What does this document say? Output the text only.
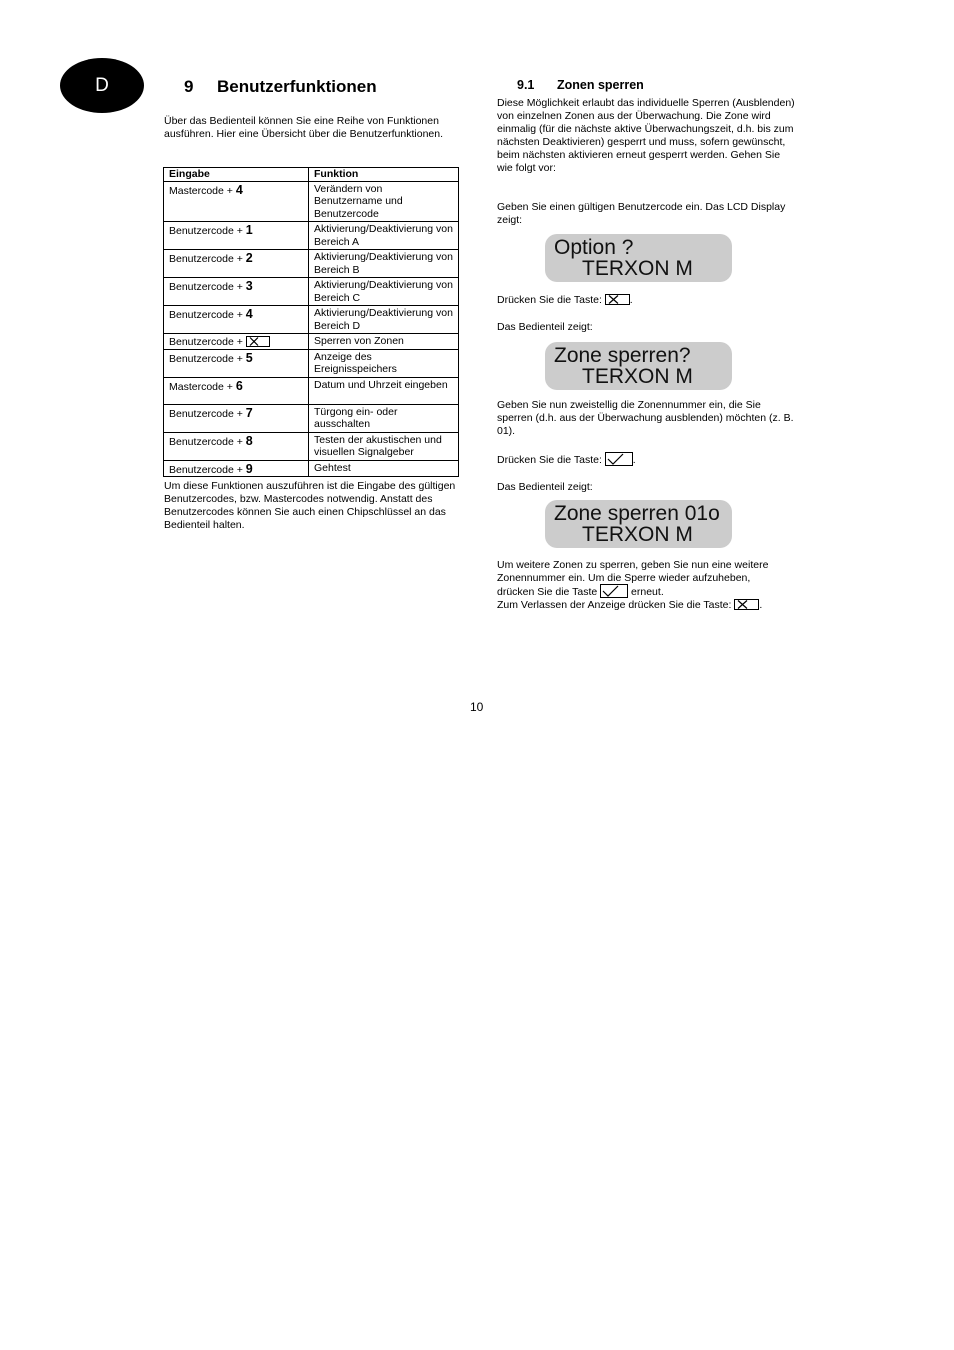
D	9 Benutzerfunktionen

Über das Bedienteil können Sie eine Reihe von Funktionen ausführen. Hier eine Übersicht über die Benutzerfunktionen.

Eingabe	Funktion
Mastercode + 4	Verändern von Benutzername und Benutzercode
Benutzercode + 1	Aktivierung/Deaktivierung von Bereich A
Benutzercode + 2	Aktivierung/Deaktivierung von Bereich B
Benutzercode + 3	Aktivierung/Deaktivierung von Bereich C
Benutzercode + 4	Aktivierung/Deaktivierung von Bereich D
Benutzercode +	Sperren von Zonen
Benutzercode + 5	Anzeige des Ereignisspeichers
Mastercode + 6	Datum und Uhrzeit eingeben
Benutzercode + 7	Türgong ein- oder ausschalten
Benutzercode + 8	Testen der akustischen und visuellen Signalgeber
Benutzercode + 9	Gehtest

Um diese Funktionen auszuführen ist die Eingabe des gültigen Benutzercodes, bzw. Mastercodes notwendig. Anstatt des Benutzercodes können Sie auch einen Chipschlüssel an das Bedienteil halten.

9.1 Zonen sperren

Diese Möglichkeit erlaubt das individuelle Sperren (Ausblenden) von einzelnen Zonen aus der Überwachung. Die Zone wird einmalig (für die nächste aktive Überwachungszeit, d.h. bis zum nächsten Deaktivieren) gesperrt und muss, sofern gewünscht, beim nächsten aktivieren erneut gesperrt werden. Gehen Sie wie folgt vor:

Geben Sie einen gültigen Benutzercode ein. Das LCD Display zeigt:

Option ?
TERXON M

Drücken Sie die Taste:
.

Das Bedienteil zeigt:

Zone sperren?
TERXON M

Geben Sie nun zweistellig die Zonennummer ein, die Sie sperren (d.h. aus der Überwachung ausblenden) möchten (z. B. 01).

Drücken Sie die Taste:	.

Das Bedienteil zeigt:

Zone sperren 01o
TERXON M

Um weitere Zonen zu sperren, geben Sie nun eine weitere Zonennummer ein. Um die Sperre wieder aufzuheben,
drücken Sie die Taste	erneut.
Zum Verlassen der Anzeige drücken Sie die Taste:
.

10
